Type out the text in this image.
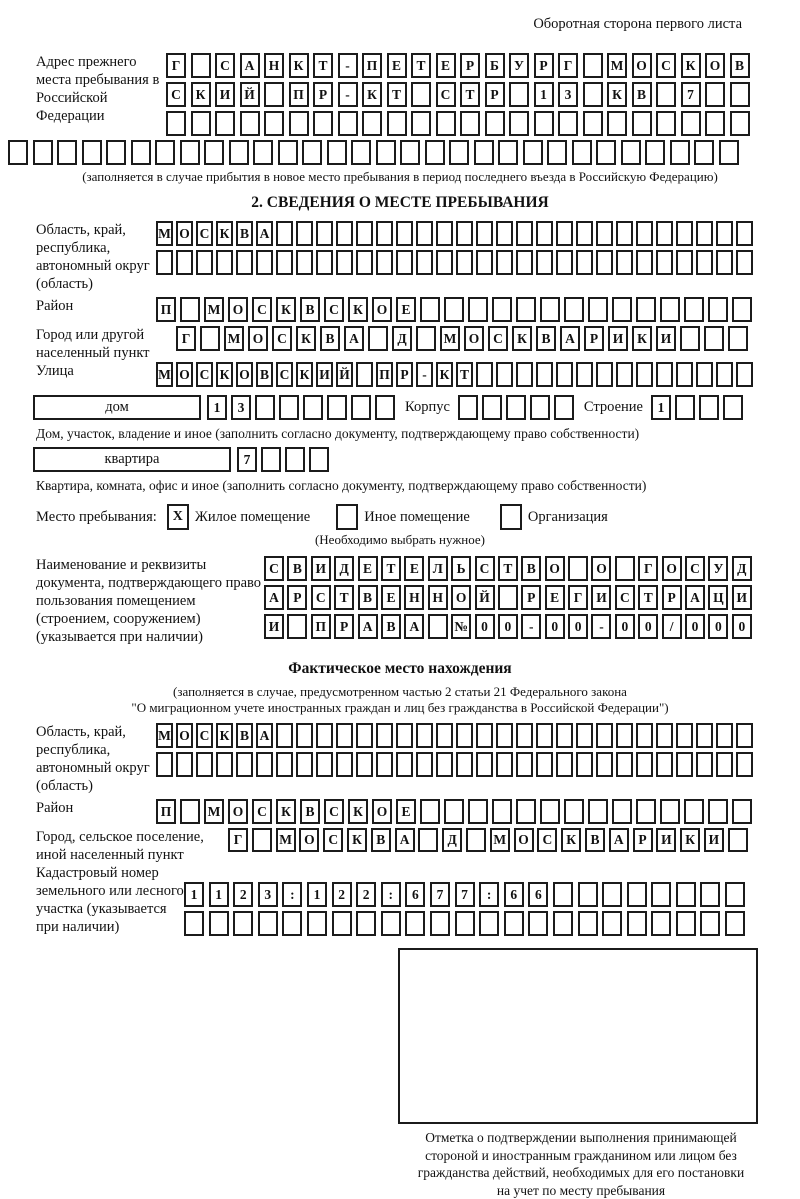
Оборотная сторона первого листа
Адрес прежнего места пребывания в Российской Федерации
Г	С	А	Н	К	Т	-	П	Е	Т	Е	Р	Б	У	Р	Г	М О	С	К	О	В
С	К	И	Й	П	Р	-	К	Т	С	Т	Р	1	3	К	В	7
(заполняется в случае прибытия в новое место пребывания в период последнего въезда в Российскую Федерацию)
2. СВЕДЕНИЯ О МЕСТЕ ПРЕБЫВАНИЯ
Область, край, республика, автономный округ (область)
М О С К В А
Район	П	М О	С	К	В	С	К	О	Е
Город или другой населенный пункт
Г	М О	С	К	В	А	Д	М О	С	К	В	А	Р	И	К	И
Улица	М О С К О В С К И Й П Р	- К Т
дом	1	3	Корпус	Строение	1
Дом, участок, владение и иное (заполнить согласно документу, подтверждающему право собственности)
квартира	7
Квартира, комната, офис и иное (заполнить согласно документу, подтверждающему право собственности)
Место пребывания:	X Жилое помещение	Иное помещение	Организация
(Необходимо выбрать нужное)
Наименование и реквизиты документа, подтверждающего право пользования помещением (строением, сооружением) (указывается при наличии)
С	В	И Д	Е	Т	Е	Л	Ь	С	Т	В	О	О	Г	О С	У	Д
А	Р	С	Т	В	Е	Н Н О Й	Р	Е	Г	И С	Т	Р	А Ц И
И	П	Р	А	В	А	№ 0	0	-	0	0	-	0	0	/	0	0	0
Фактическое место нахождения
(заполняется в случае, предусмотренном частью 2 статьи 21 Федерального закона
"О миграционном учете иностранных граждан и лиц без гражданства в Российской Федерации")
Область, край, республика, автономный округ (область)
М О С К В А
Район	П	М О	С	К	В	С	К	О	Е
Город, сельское поселение, иной населенный пункт
Г	М О	С	К	В	А	Д	М О	С	К	В	А	Р	И	К	И
Кадастровый номер земельного или лесного участка (указывается при наличии)
1	1	2	3	:	1	2	2	:	6	7	7	:	6	6
Отметка о подтверждении выполнения принимающей
стороной и иностранным гражданином или лицом без
гражданства действий, необходимых для его постановки
на учет по месту пребывания
